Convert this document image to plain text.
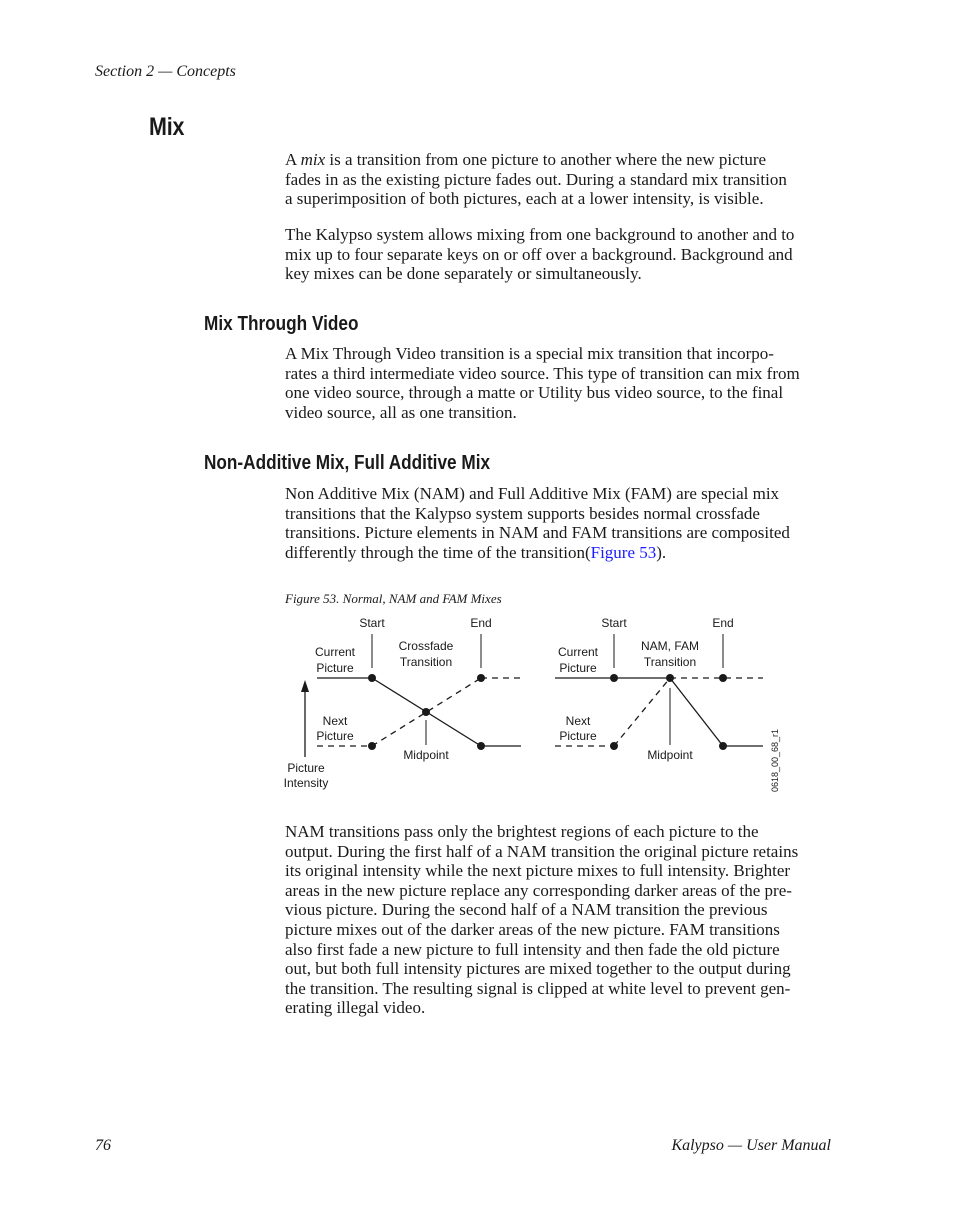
Section 2 — Concepts
Mix
A mix is a transition from one picture to another where the new picture
fades in as the existing picture fades out. During a standard mix transition
a superimposition of both pictures, each at a lower intensity, is visible.
The Kalypso system allows mixing from one background to another and to
mix up to four separate keys on or off over a background. Background and
key mixes can be done separately or simultaneously.
Mix Through Video
A Mix Through Video transition is a special mix transition that incorpo-
rates a third intermediate video source. This type of transition can mix from
one video source, through a matte or Utility bus video source, to the final
video source, all as one transition.
Non-Additive Mix, Full Additive Mix
Non Additive Mix (NAM) and Full Additive Mix (FAM) are special mix
transitions that the Kalypso system supports besides normal crossfade
transitions. Picture elements in NAM and FAM transitions are composited
differently through the time of the transition(Figure 53).
Figure 53. Normal, NAM and FAM Mixes
Start	End
Current
Picture
Crossfade
Transition
Next
Picture
Midpoint
Picture
Intensity
Start	End
Current
Picture
NAM, FAM
Transition
Next
Picture
Midpoint	0618_00_68_r1
NAM transitions pass only the brightest regions of each picture to the
output. During the first half of a NAM transition the original picture retains
its original intensity while the next picture mixes to full intensity. Brighter
areas in the new picture replace any corresponding darker areas of the pre-
vious picture. During the second half of a NAM transition the previous
picture mixes out of the darker areas of the new picture. FAM transitions
also first fade a new picture to full intensity and then fade the old picture
out, but both full intensity pictures are mixed together to the output during
the transition. The resulting signal is clipped at white level to prevent gen-
erating illegal video.
76	Kalypso — User Manual
